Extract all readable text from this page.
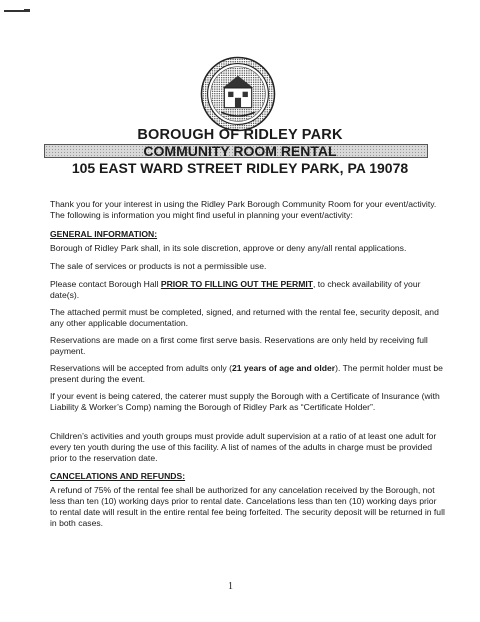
BOROUGH OF RIDLEY PARK
COMMUNITY ROOM RENTAL
105 EAST WARD STREET RIDLEY PARK, PA 19078

Thank you for your interest in using the Ridley Park Borough Community Room for your event/activity. The following is information you might find useful in planning your event/activity:

GENERAL INFORMATION:

Borough of Ridley Park shall, in its sole discretion, approve or deny any/all rental applications.

The sale of services or products is not a permissible use.

Please contact Borough Hall PRIOR TO FILLING OUT THE PERMIT, to check availability of your date(s).

The attached permit must be completed, signed, and returned with the rental fee, security deposit, and any other applicable documentation.

Reservations are made on a first come first serve basis. Reservations are only held by receiving full payment.

Reservations will be accepted from adults only (21 years of age and older). The permit holder must be present during the event.

If your event is being catered, the caterer must supply the Borough with a Certificate of Insurance (with Liability & Worker’s Comp) naming the Borough of Ridley Park as “Certificate Holder”.

Children’s activities and youth groups must provide adult supervision at a ratio of at least one adult for every ten youth during the use of this facility. A list of names of the adults in charge must be provided prior to the reservation date.

CANCELATIONS AND REFUNDS:

A refund of 75% of the rental fee shall be authorized for any cancelation received by the Borough, not less than ten (10) working days prior to rental date. Cancelations less than ten (10) working days prior to rental date will result in the entire rental fee being forfeited. The security deposit will be returned in full in both cases.

1
